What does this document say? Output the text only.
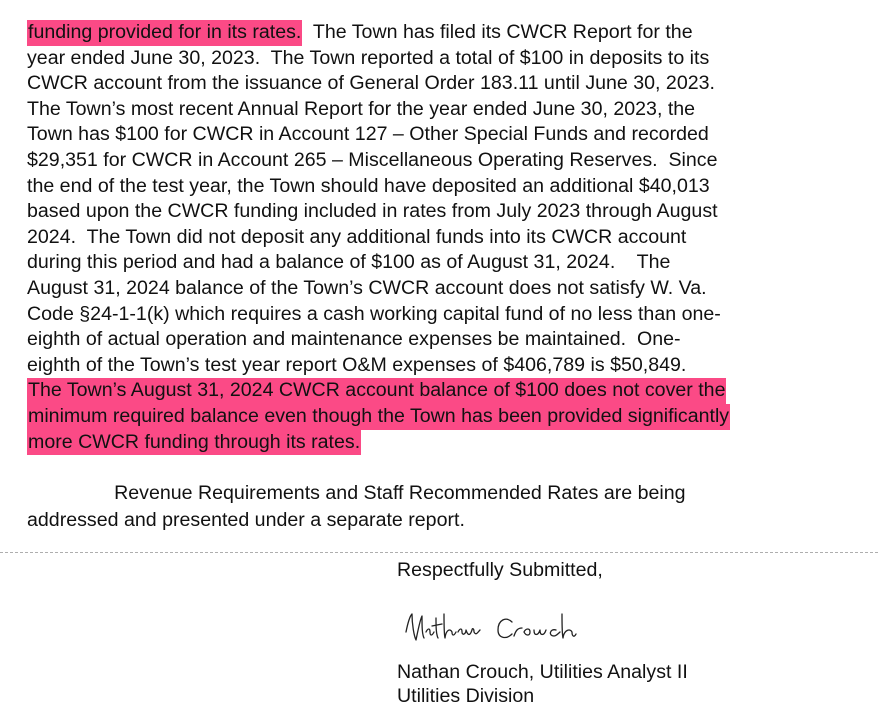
funding provided for in its rates.  The Town has filed its CWCR Report for the
year ended June 30, 2023.  The Town reported a total of $100 in deposits to its
CWCR account from the issuance of General Order 183.11 until June 30, 2023.
The Town’s most recent Annual Report for the year ended June 30, 2023, the
Town has $100 for CWCR in Account 127 – Other Special Funds and recorded
$29,351 for CWCR in Account 265 – Miscellaneous Operating Reserves.  Since
the end of the test year, the Town should have deposited an additional $40,013
based upon the CWCR funding included in rates from July 2023 through August
2024.  The Town did not deposit any additional funds into its CWCR account
during this period and had a balance of $100 as of August 31, 2024.    The
August 31, 2024 balance of the Town’s CWCR account does not satisfy W. Va.
Code §24-1-1(k) which requires a cash working capital fund of no less than one-
eighth of actual operation and maintenance expenses be maintained.  One-
eighth of the Town’s test year report O&M expenses of $406,789 is $50,849.
The Town’s August 31, 2024 CWCR account balance of $100 does not cover the
minimum required balance even though the Town has been provided significantly
more CWCR funding through its rates.
Revenue Requirements and Staff Recommended Rates are being
addressed and presented under a separate report.
Respectfully Submitted,
Nathan Crouch, Utilities Analyst II
Utilities Division
